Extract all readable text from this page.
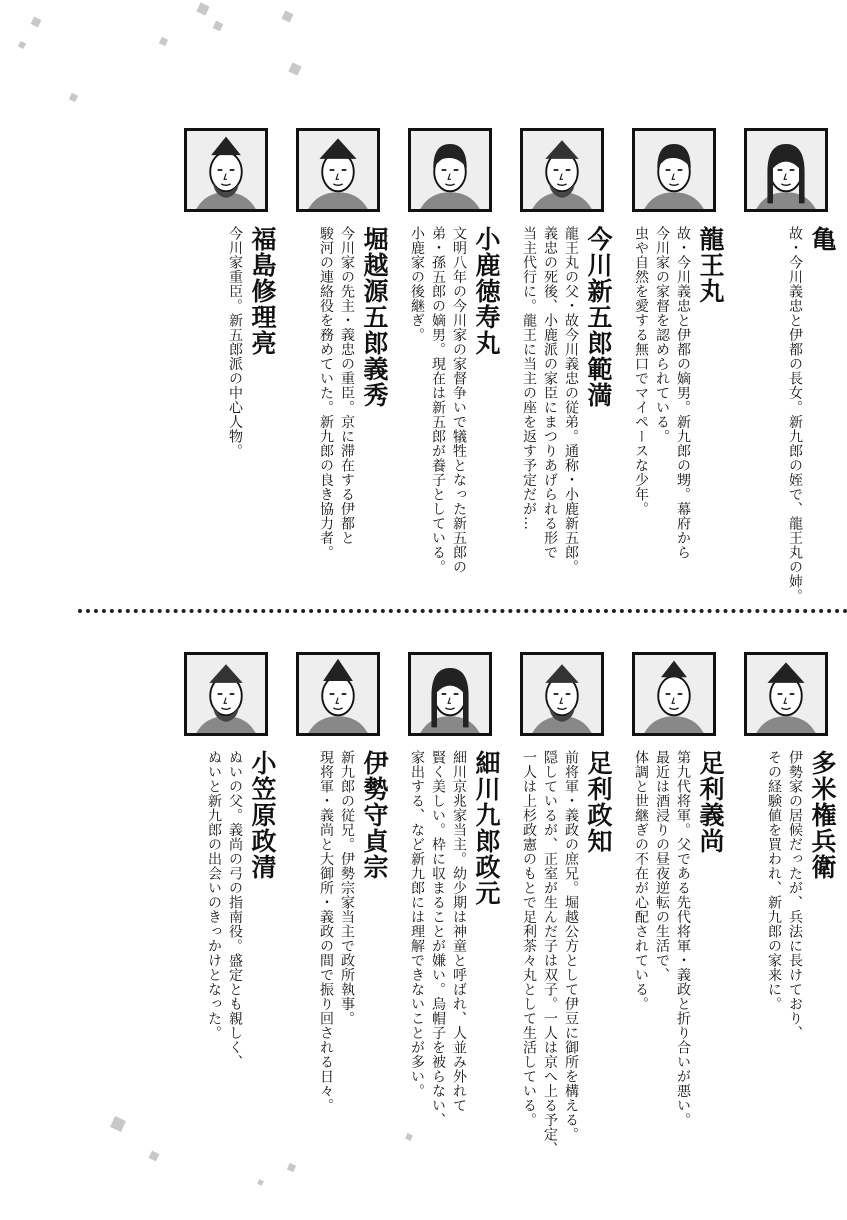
亀
故・今川義忠と伊都の長女。新九郎の姪で、龍王丸の姉。
龍王丸
故・今川義忠と伊都の嫡男。新九郎の甥。幕府から
今川家の家督を認められている。
虫や自然を愛する無口でマイペースな少年。
今川新五郎範満
龍王丸の父・故今川義忠の従弟。通称・小鹿新五郎。
義忠の死後、小鹿派の家臣にまつりあげられる形で
当主代行に。龍王に当主の座を返す予定だが…
小鹿徳寿丸
文明八年の今川家の家督争いで犠牲となった新五郎の
弟・孫五郎の嫡男。現在は新五郎が養子としている。
小鹿家の後継ぎ。
堀越源五郎義秀
今川家の先主・義忠の重臣。京に滞在する伊都と
駿河の連絡役を務めていた。新九郎の良き協力者。
福島修理亮
今川家重臣。新五郎派の中心人物。
多米権兵衛
伊勢家の居候だったが、兵法に長けており、
その経験値を買われ、新九郎の家来に。
足利義尚
第九代将軍。父である先代将軍・義政と折り合いが悪い。
最近は酒浸りの昼夜逆転の生活で、
体調と世継ぎの不在が心配されている。
足利政知
前将軍・義政の庶兄。堀越公方として伊豆に御所を構える。
隠しているが、正室が生んだ子は双子。一人は京へ上る予定、
一人は上杉政憲のもとで足利茶々丸として生活している。
細川九郎政元
細川京兆家当主。幼少期は神童と呼ばれ、人並み外れて
賢く美しい。枠に収まることが嫌い。烏帽子を被らない、
家出する、など新九郎には理解できないことが多い。
伊勢守貞宗
新九郎の従兄。伊勢宗家当主で政所執事。
現将軍・義尚と大御所・義政の間で振り回される日々。
小笠原政清
ぬいの父。義尚の弓の指南役。盛定とも親しく、
ぬいと新九郎の出会いのきっかけとなった。
